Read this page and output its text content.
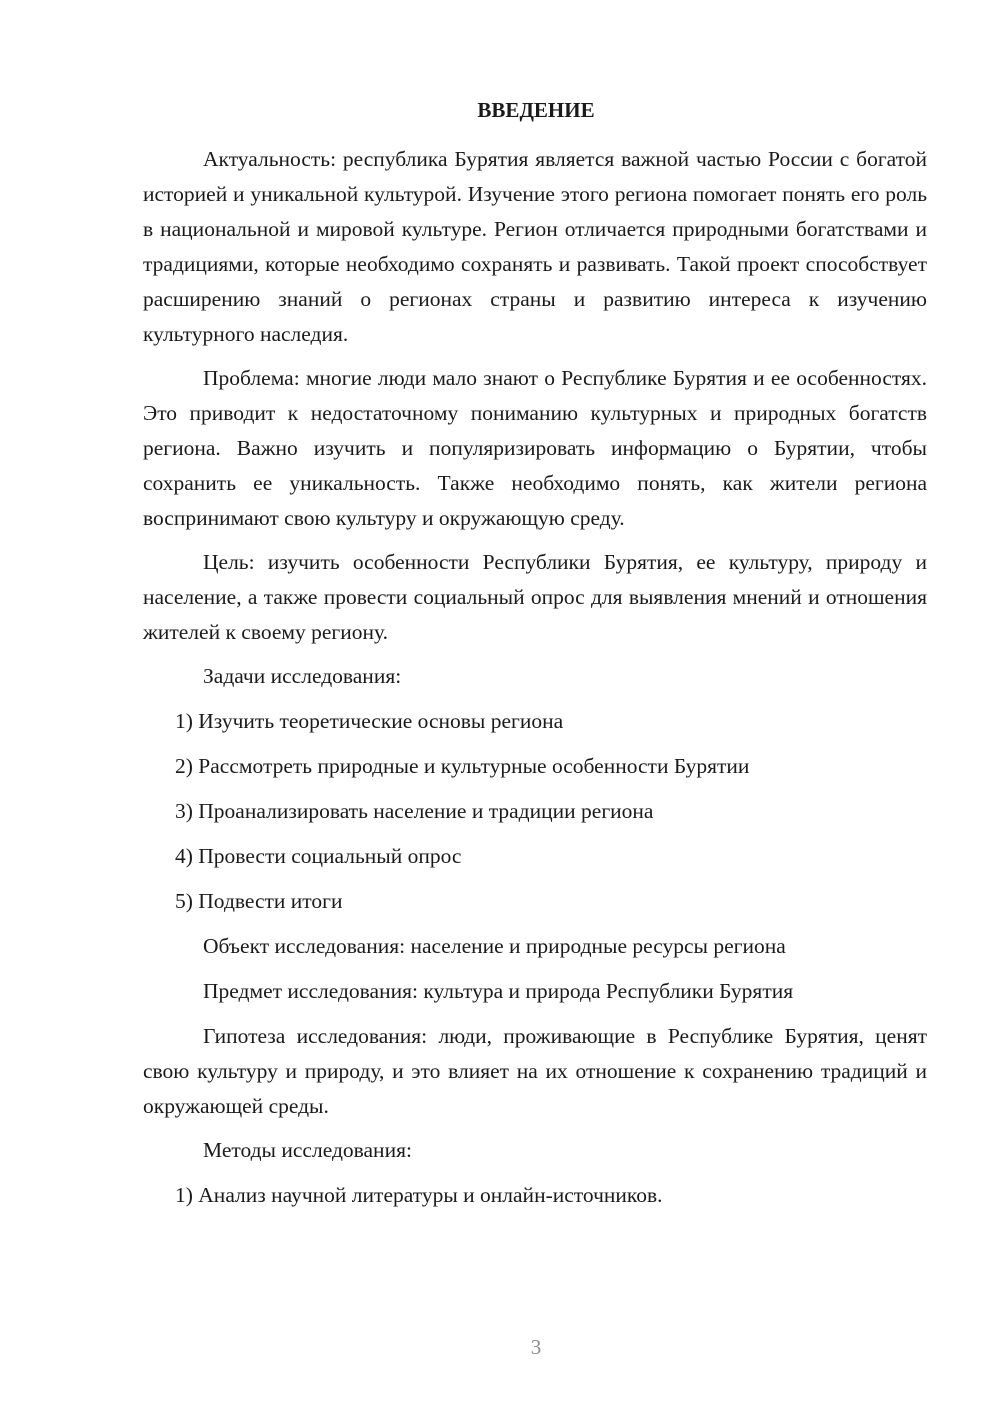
ВВЕДЕНИЕ

Актуальность: республика Бурятия является важной частью России с богатой историей и уникальной культурой. Изучение этого региона помогает понять его роль в национальной и мировой культуре. Регион отличается природными богатствами и традициями, которые необходимо сохранять и развивать. Такой проект способствует расширению знаний о регионах страны и развитию интереса к изучению культурного наследия.

Проблема: многие люди мало знают о Республике Бурятия и ее особенностях. Это приводит к недостаточному пониманию культурных и природных богатств региона. Важно изучить и популяризировать информацию о Бурятии, чтобы сохранить ее уникальность. Также необходимо понять, как жители региона воспринимают свою культуру и окружающую среду.

Цель: изучить особенности Республики Бурятия, ее культуру, природу и население, а также провести социальный опрос для выявления мнений и отношения жителей к своему региону.

Задачи исследования:
1) Изучить теоретические основы региона
2) Рассмотреть природные и культурные особенности Бурятии
3) Проанализировать население и традиции региона
4) Провести социальный опрос
5) Подвести итоги
Объект исследования: население и природные ресурсы региона
Предмет исследования: культура и природа Республики Бурятия

Гипотеза исследования: люди, проживающие в Республике Бурятия, ценят свою культуру и природу, и это влияет на их отношение к сохранению традиций и окружающей среды.

Методы исследования:
1) Анализ научной литературы и онлайн-источников.
3
